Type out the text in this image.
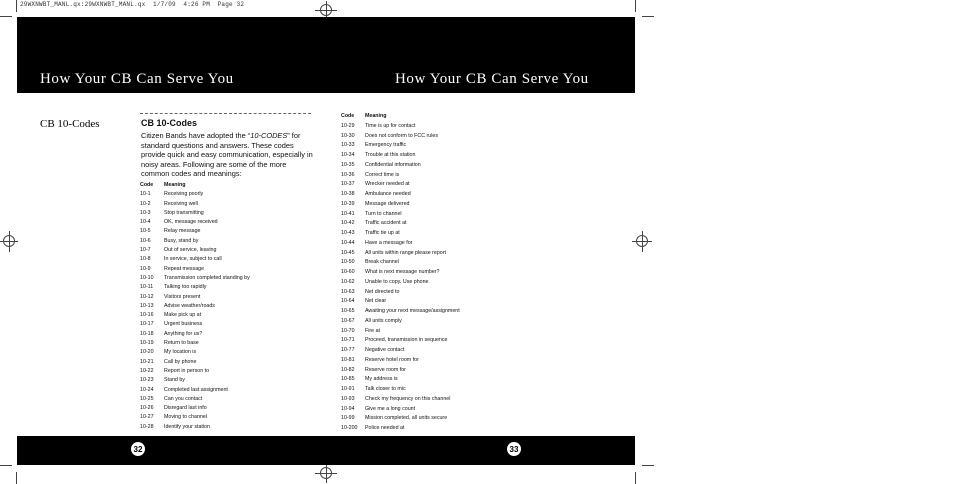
29WXNWBT_MANL.qx:29WXNWBT_MANL.qx  1/7/09  4:26 PM  Page 32
How Your CB Can Serve You	How Your CB Can Serve You
CB 10-Codes	CB 10-Codes
Citizen Bands have adopted the “10-CODES” for standard questions and answers. These codes provide quick and easy communication, especially in noisy areas. Following are some of the more common codes and meanings:
Code Meaning
10-1	Receiving poorly
10-2	Receiving well
10-3	Stop transmitting
10-4	OK, message received
10-5	Relay message
10-6	Busy, stand by
10-7	Out of service, leaving
10-8	In service, subject to call
10-9	Repeat message
10-10 Transmission completed standing by
10-11 Talking too rapidly
10-12 Visitors present
10-13 Advise weather/roads
10-16 Make pick up at
10-17 Urgent business
10-18 Anything for us?
10-19 Return to base
10-20 My location is
10-21 Call by phone
10-22 Report in person to
10-23 Stand by
10-24 Completed last assignment
10-25 Can you contact
10-26 Disregard last info
10-27 Moving to channel
10-28 Identify your station
Code Meaning
10-29 Time is up for contact
10-30 Does not conform to FCC rules
10-33 Emergency traffic
10-34 Trouble at this station
10-35 Confidential information
10-36 Correct time is
10-37 Wrecker needed at
10-38 Ambulance needed
10-39 Message delivered
10-41 Turn to channel
10-42 Traffic accident at
10-43 Traffic tie up at
10-44 Have a message for
10-45 All units within range please report
10-50 Break channel
10-60 What is next message number?
10-62 Unable to copy. Use phone
10-63 Net directed to
10-64 Net clear
10-65 Awaiting your next message/assignment
10-67 All units comply
10-70 Fire at
10-71 Proceed, transmission in sequence
10-77 Negative contact
10-81 Reserve hotel room for
10-82 Reserve room for
10-85 My address is
10-91 Talk closer to mic
10-93 Check my frequency on this channel
10-94 Give me a long count
10-99 Mission completed, all units secure
10-200 Police needed at
32	33
